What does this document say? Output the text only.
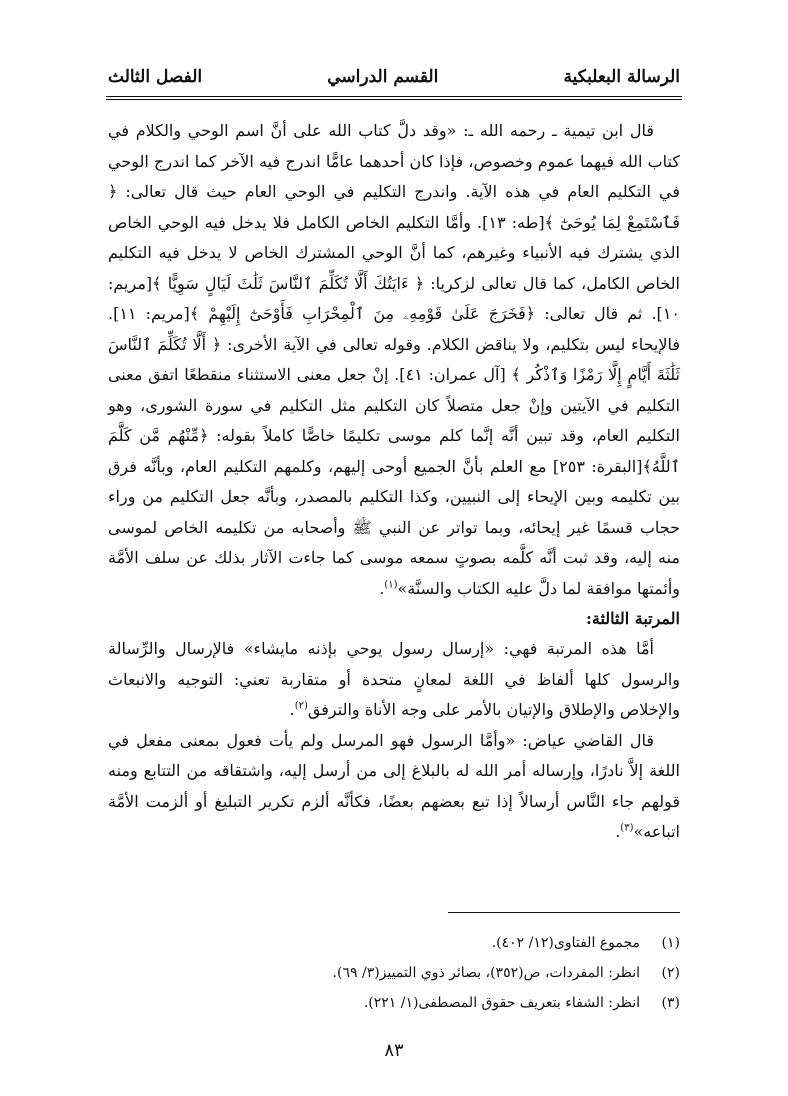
الرسالة البعلبكية
القسم الدراسي
الفصل الثالث

قال ابن تيمية ـ رحمه الله ـ: «وقد دلَّ كتاب الله على أنَّ اسم الوحي والكلام في كتاب الله فيهما عموم وخصوص، فإذا كان أحدهما عامًّا اندرج فيه الآخر كما اندرج الوحي في التكليم العام في هذه الآية. واندرج التكليم في الوحي العام حيث قال تعالى: ﴿ فَٱسْتَمِعْ لِمَا يُوحَىٰٓ ﴾[طه: ١٣]. وأمَّا التكليم الخاص الكامل فلا يدخل فيه الوحي الخاص الذي يشترك فيه الأنبياء وغيرهم، كما أنَّ الوحي المشترك الخاص لا يدخل فيه التكليم الخاص الكامل، كما قال تعالى لزكريا: ﴿ ءَايَتُكَ أَلَّا تُكَلِّمَ ٱلنَّاسَ ثَلَٰثَ لَيَالٍ سَوِيًّا ﴾[مريم: ١٠]. ثم قال تعالى: ﴿فَخَرَجَ عَلَىٰ قَوْمِهِۦ مِنَ ٱلْمِحْرَابِ فَأَوْحَىٰٓ إِلَيْهِمْ ﴾[مريم: ١١]. فالإيحاء ليس بتكليم، ولا يناقض الكلام. وقوله تعالى في الآية الأخرى: ﴿ أَلَّا تُكَلِّمَ ٱلنَّاسَ ثَلَٰثَةَ أَيَّامٍ إِلَّا رَمْزًا وَٱذْكُر ﴾ [آل عمران: ٤١]. إنْ جعل معنى الاستثناء منقطعًا اتفق معنى التكليم في الآيتين وإنْ جعل متصلاً كان التكليم مثل التكليم في سورة الشورى، وهو التكليم العام، وقد تبين أنَّه إنَّما كلم موسى تكليمًا خاصًّا كاملاً بقوله: ﴿مِّنْهُم مَّن كَلَّمَ ٱللَّهُ﴾[البقرة: ٢٥٣] مع العلم بأنَّ الجميع أوحى إليهم، وكلمهم التكليم العام، وبأنَّه فرق بين تكليمه وبين الإيحاء إلى النبيين، وكذا التكليم بالمصدر، وبأنَّه جعل التكليم من وراء حجاب قسمًا غير إيحائه، وبما تواتر عن النبي ﷺ وأصحابه من تكليمه الخاص لموسى منه إليه، وقد ثبت أنَّه كلَّمه بصوتٍ سمعه موسى كما جاءت الآثار بذلك عن سلف الأمَّة وأئمتها موافقة لما دلَّ عليه الكتاب والسنَّة»$^{(١)}$.

المرتبة الثالثة:

أمَّا هذه المرتبة فهي: «إرسال رسول يوحي بإذنه مايشاء» فالإرسال والرِّسالة والرسول كلها ألفاظ في اللغة لمعانٍ متحدة أو متقاربة تعني: التوجيه والانبعاث والإخلاص والإطلاق والإتيان بالأمر على وجه الأناة والترفق$^{(٢)}$.

قال القاضي عياض: «وأمَّا الرسول فهو المرسل ولم يأت فعول بمعنى مفعل في اللغة إلاَّ نادرًا، وإرساله أمر الله له بالبلاغ إلى من أرسل إليه، واشتقاقه من التتابع ومنه قولهم جاء النَّاس أرسالاً إذا تبع بعضهم بعضًا، فكأنَّه ألزم تكرير التبليغ أو ألزمت الأمَّة اتباعه»$^{(٣)}$.

(١)
مجموع الفتاوى(١٢/ ٤٠٢).
(٢)
انظر: المفردات، ص(٣٥٢)، بصائر ذوي التمييز(٣/ ٦٩).
(٣)
انظر: الشفاء بتعريف حقوق المصطفى(١/ ٢٢١).
٨٣
